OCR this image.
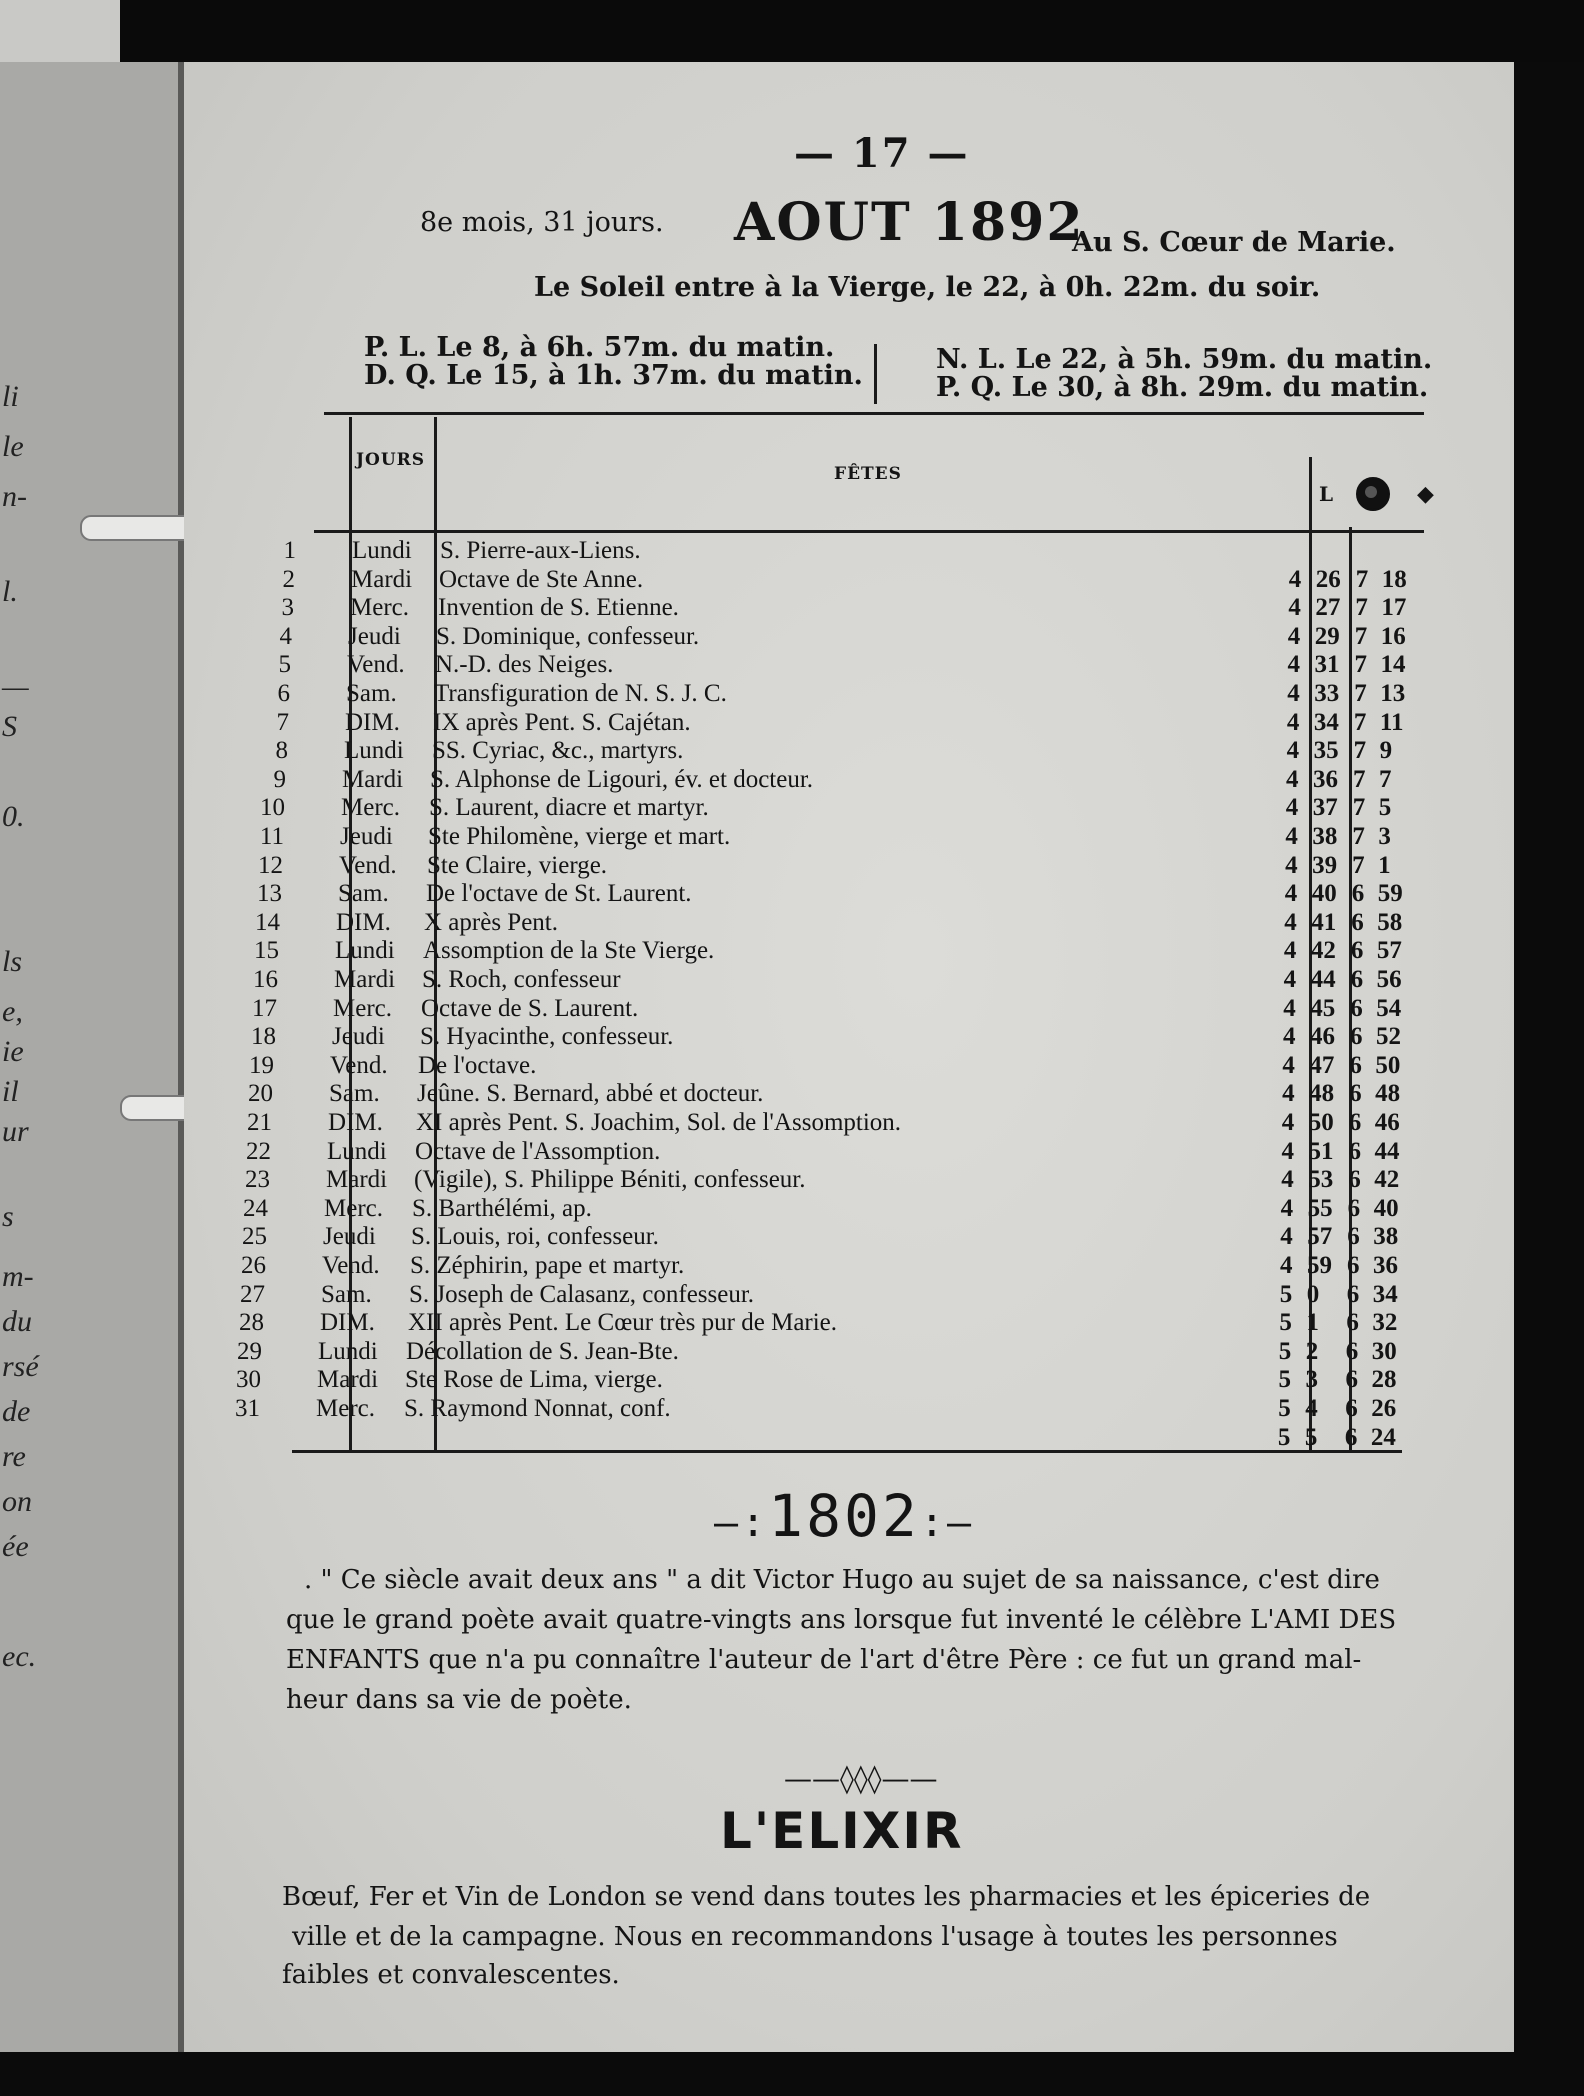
li
le
n-
l.
—
S
0.
ls
e,
ie
il
ur
s
m-
du
rsé
de
re
on
ée
ec.
— 17 —
8e mois, 31 jours. AOUT 1892
Au S. Cœur de Marie.
Le Soleil entre à la Vierge, le 22, à 0h. 22m. du soir.
P. L. Le 8, à 6h. 57m. du matin.
D. Q. Le 15, à 1h. 37m. du matin.
N. L. Le 22, à 5h. 59m. du matin.
P. Q. Le 30, à 8h. 29m. du matin.
JOURS
FÊTES
L	◆
1 Lundi S. Pierre-aux-Liens.
2 Mardi Octave de Ste Anne.	4 26 7 18
3 Merc. Invention de S. Etienne.	4 27 7 17
4 Jeudi S. Dominique, confesseur.	4 29 7 16
5 Vend. N.-D. des Neiges.	4 31 7 14
6 Sam. Transfiguration de N. S. J. C.	4 33 7 13
7 DIM. IX après Pent. S. Cajétan.	4 34 7 11
8 Lundi SS. Cyriac, &c., martyrs.	4 35 7 9
9 Mardi S. Alphonse de Ligouri, év. et docteur.	4 36 7 7
10 Merc. S. Laurent, diacre et martyr.	4 37 7 5
11 Jeudi Ste Philomène, vierge et mart.	4 38 7 3
12 Vend. Ste Claire, vierge.	4 39 7 1
13 Sam. De l'octave de St. Laurent.	4 40 6 59
14 DIM. X après Pent.	4 41 6 58
15 Lundi Assomption de la Ste Vierge.	4 42 6 57
16 Mardi S. Roch, confesseur	4 44 6 56
17 Merc. Octave de S. Laurent.	4 45 6 54
18 Jeudi S. Hyacinthe, confesseur.	4 46 6 52
19 Vend. De l'octave.	4 47 6 50
20 Sam. Jeûne. S. Bernard, abbé et docteur.	4 48 6 48
21 DIM. XI après Pent. S. Joachim, Sol. de l'Assomption.	4 50 6 46
22 Lundi Octave de l'Assomption.	4 51 6 44
23 Mardi (Vigile), S. Philippe Béniti, confesseur.	4 53 6 42
24 Merc. S. Barthélémi, ap.	4 55 6 40
25 Jeudi S. Louis, roi, confesseur.	4 57 6 38
26 Vend. S. Zéphirin, pape et martyr.	4 59 6 36
27 Sam. S. Joseph de Calasanz, confesseur.	5 0 6 34
28 DIM. XII après Pent. Le Cœur très pur de Marie.	5 1 6 32
29 Lundi Décollation de S. Jean-Bte.	5 2 6 30
30 Mardi Ste Rose de Lima, vierge.	5 3 6 28
31 Merc. S. Raymond Nonnat, conf.	5 4 6 26
5 5 6 24
—:1802:—
. " Ce siècle avait deux ans " a dit Victor Hugo au sujet de sa naissance, c'est dire
que le grand poète avait quatre-vingts ans lorsque fut inventé le célèbre L'AMI DES
ENFANTS que n'a pu connaître l'auteur de l'art d'être Père : ce fut un grand mal-
heur dans sa vie de poète.
——◊◊◊——
L'ELIXIR
Bœuf, Fer et Vin de London se vend dans toutes les pharmacies et les épiceries de
ville et de la campagne. Nous en recommandons l'usage à toutes les personnes
faibles et convalescentes.
